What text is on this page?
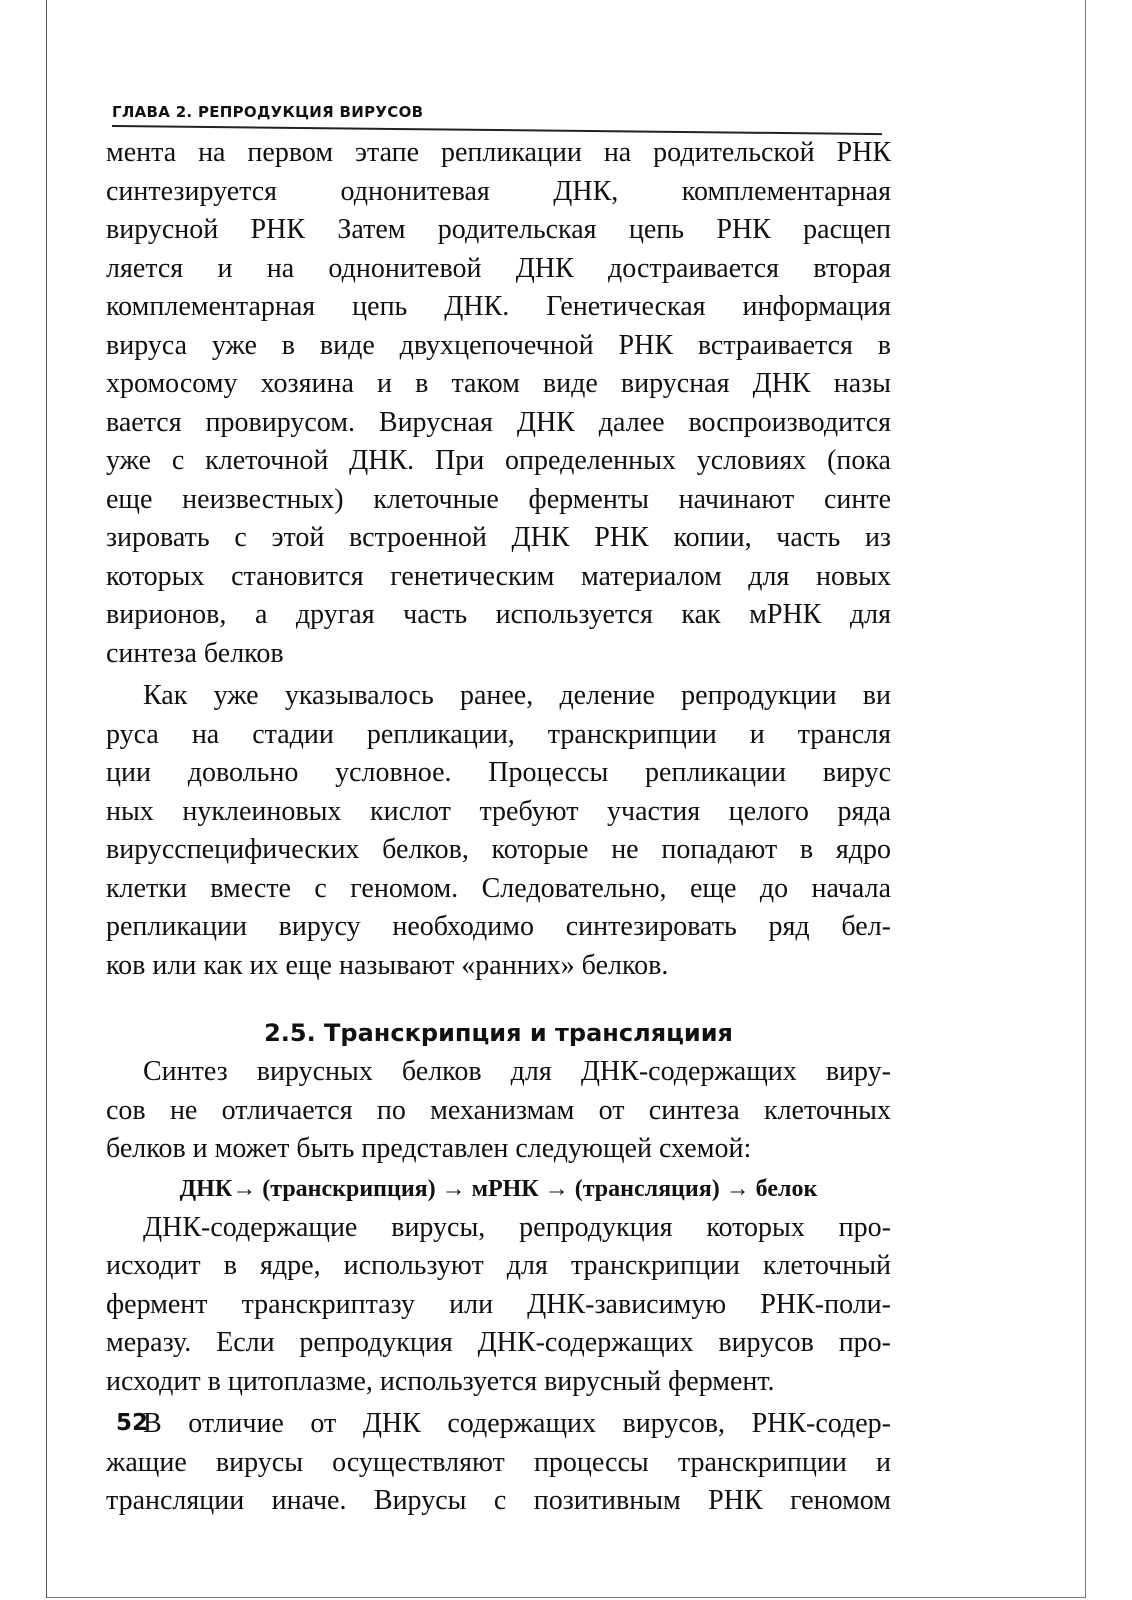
ГЛАВА 2. РЕПРОДУКЦИЯ ВИРУСОВ
мента на первом этапе репликации на родительской РНК
синтезируется однонитевая ДНК, комплементарная
вирусной РНК Затем родительская цепь РНК расщеп
ляется и на однонитевой ДНК достраивается вторая
комплементарная цепь ДНК. Генетическая информация
вируса уже в виде двухцепочечной РНК встраивается в
хромосому хозяина и в таком виде вирусная ДНК назы
вается провирусом. Вирусная ДНК далее воспроизводится
уже с клеточной ДНК. При определенных условиях (пока
еще неизвестных) клеточные ферменты начинают синте
зировать с этой встроенной ДНК РНК копии, часть из
которых становится генетическим материалом для новых
вирионов, а другая часть используется как мРНК для
синтеза белков
Как уже указывалось ранее, деление репродукции ви
руса на стадии репликации, транскрипции и трансля
ции довольно условное. Процессы репликации вирус
ных нуклеиновых кислот требуют участия целого ряда
вирусспецифических белков, которые не попадают в ядро
клетки вместе с геномом. Следовательно, еще до начала
репликации вирусу необходимо синтезировать ряд бел-
ков или как их еще называют «ранних» белков.
2.5. Транскрипция и трансляциия
Синтез вирусных белков для ДНК-содержащих виру-
сов не отличается по механизмам от синтеза клеточных
белков и может быть представлен следующей схемой:
ДНК→ (транскрипция) → мРНК → (трансляция) → белок
ДНК-содержащие вирусы, репродукция которых про-
исходит в ядре, используют для транскрипции клеточный
фермент транскриптазу или ДНК-зависимую РНК-поли-
меразу. Если репродукция ДНК-содержащих вирусов про-
исходит в цитоплазме, используется вирусный фермент.
В отличие от ДНК содержащих вирусов, РНК-содер-
жащие вирусы осуществляют процессы транскрипции и
трансляции иначе. Вирусы с позитивным РНК геномом
52
